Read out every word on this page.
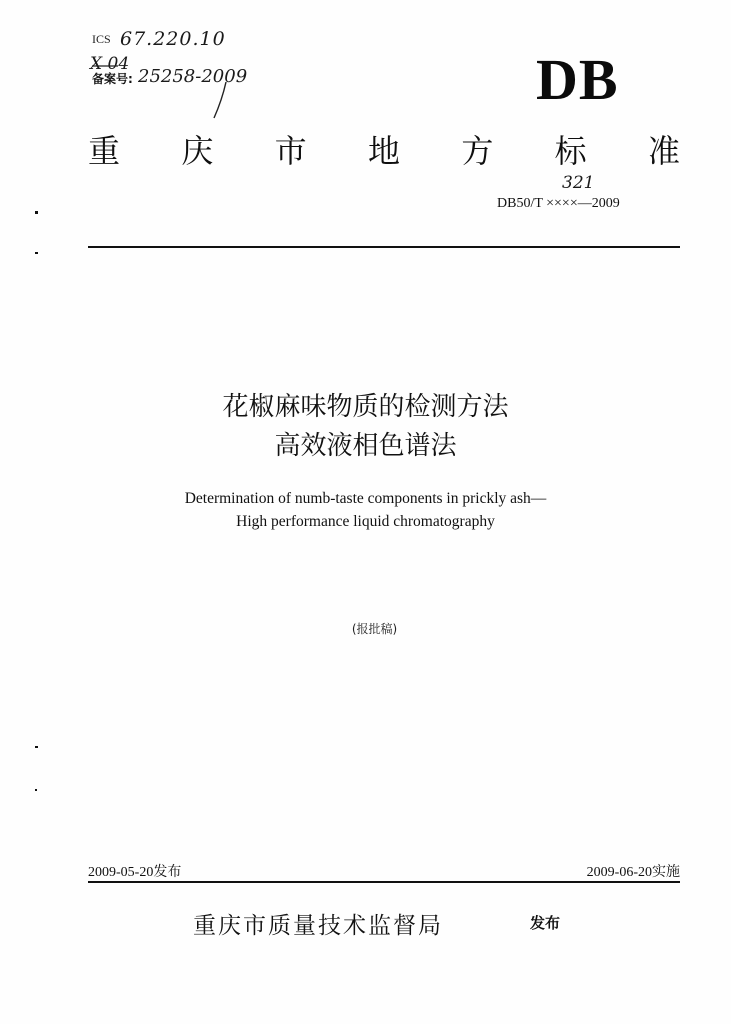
ICS 67.220.10
X 04
备案号: 25258-2009	DB
重 庆 市 地 方 标 准
321
DB50/T ××××—2009
花椒麻味物质的检测方法
高效液相色谱法
Determination of numb-taste components in prickly ash—
High performance liquid chromatography
(报批稿)
2009-05-20发布	2009-06-20实施
重庆市质量技术监督局	发布
